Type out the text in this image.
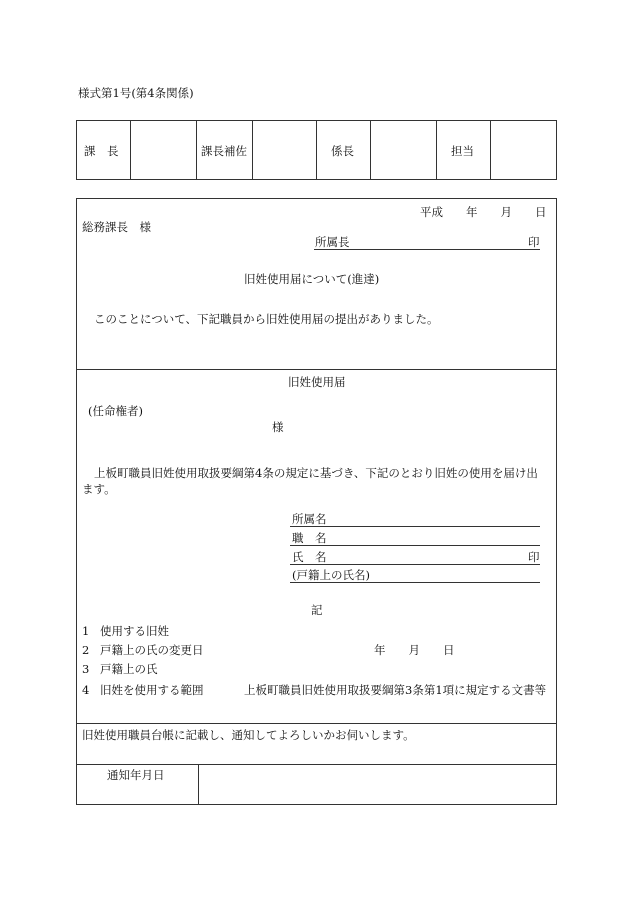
様式第1号(第4条関係)
課　長	課長補佐	係長	担当
平成　　年　　月　　日
総務課長　様
所属長	印
旧姓使用届について(進達)
このことについて、下記職員から旧姓使用届の提出がありました。
旧姓使用届
(任命権者)
様
上板町職員旧姓使用取扱要綱第4条の規定に基づき、下記のとおり旧姓の使用を届け出
ます。
所属名
職　名
氏　名	印
(戸籍上の氏名)
記
1 使用する旧姓
2 戸籍上の氏の変更日	年　　月　　日
3 戸籍上の氏
4 旧姓を使用する範囲	上板町職員旧姓使用取扱要綱第3条第1項に規定する文書等
旧姓使用職員台帳に記載し、通知してよろしいかお伺いします。
通知年月日
